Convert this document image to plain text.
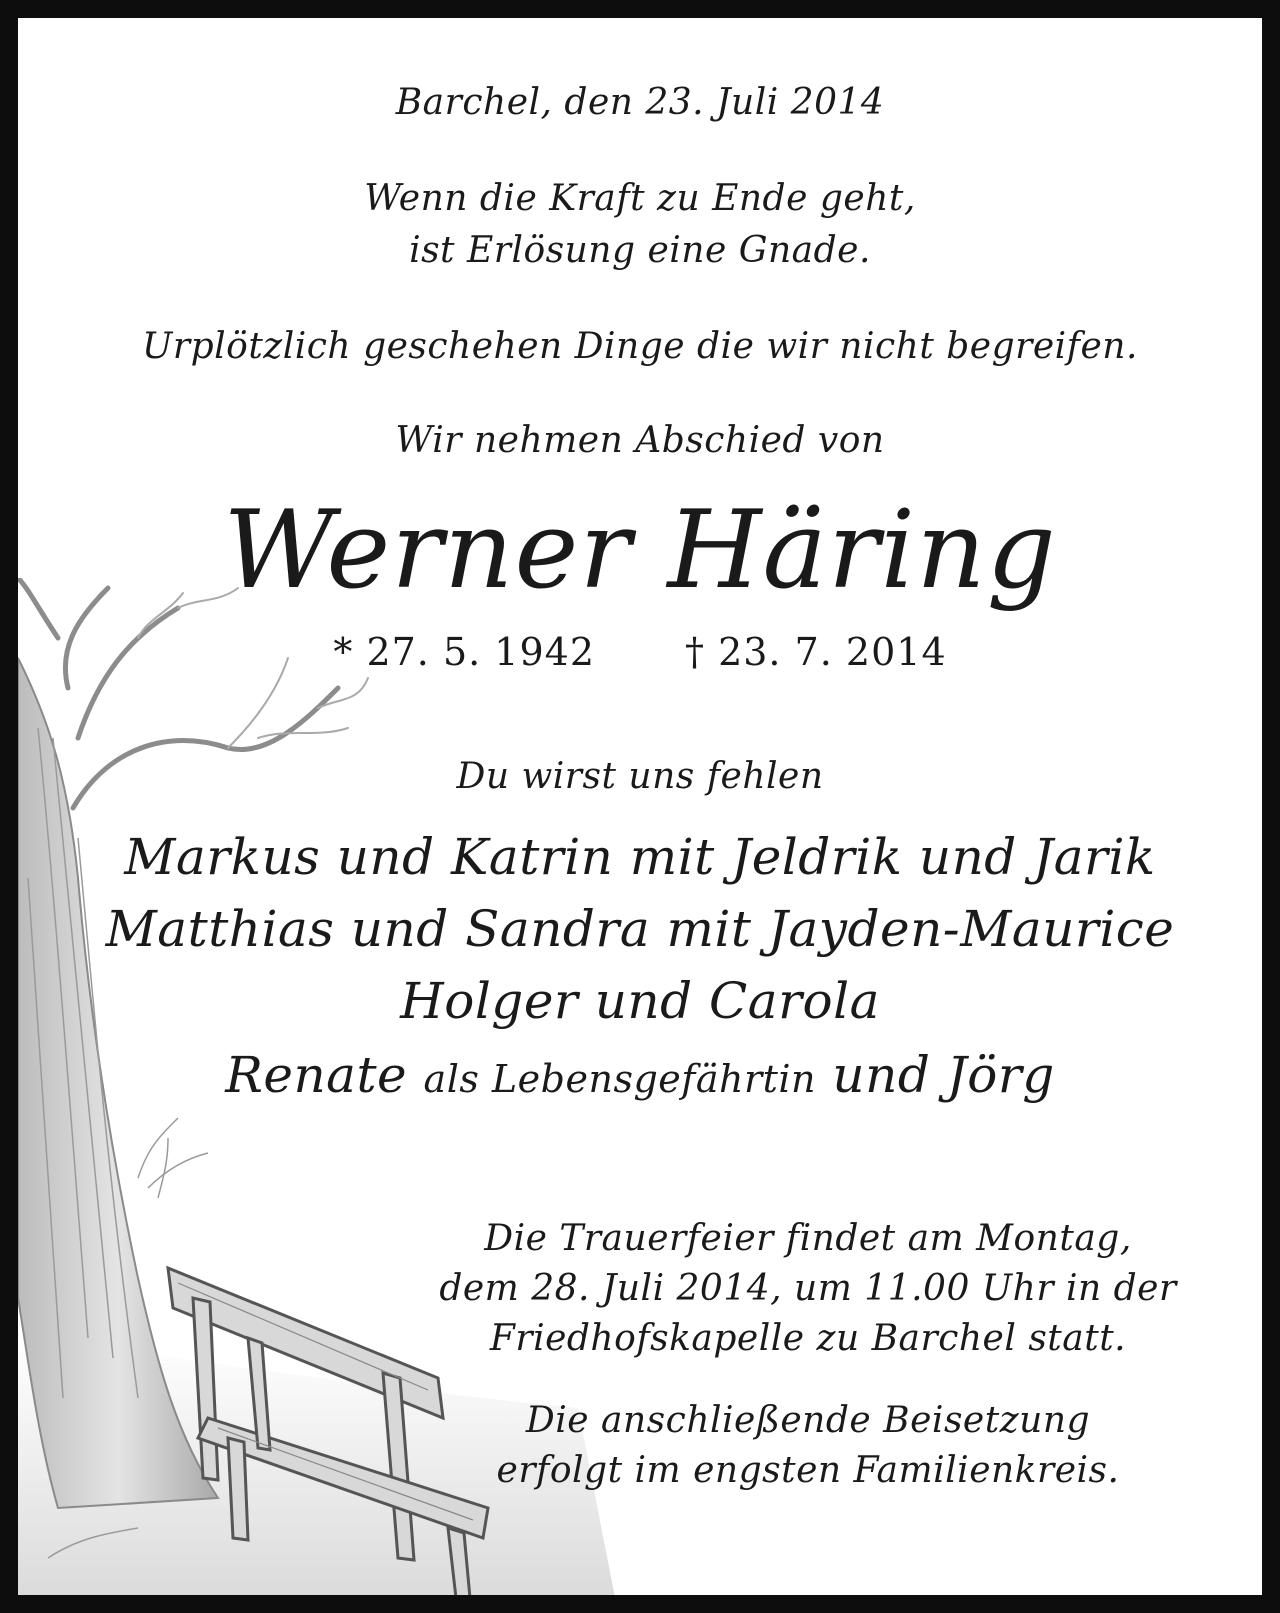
Barchel, den 23. Juli 2014
Wenn die Kraft zu Ende geht,
ist Erlösung eine Gnade.
Urplötzlich geschehen Dinge die wir nicht begreifen.
Wir nehmen Abschied von
Werner Häring
* 27. 5. 1942 † 23. 7. 2014
Du wirst uns fehlen
Markus und Katrin mit Jeldrik und Jarik
Matthias und Sandra mit Jayden-Maurice
Holger und Carola
Renate als Lebensgefährtin und Jörg
Die Trauerfeier findet am Montag,
dem 28. Juli 2014, um 11.00 Uhr in der
Friedhofskapelle zu Barchel statt.
Die anschließende Beisetzung
erfolgt im engsten Familienkreis.
